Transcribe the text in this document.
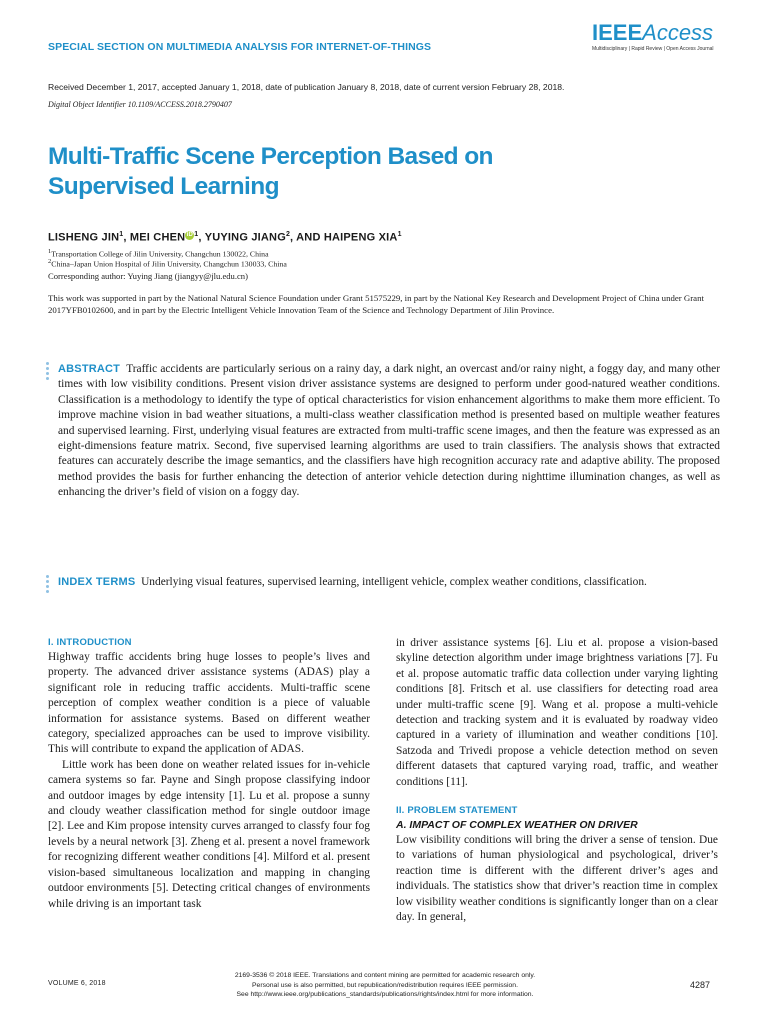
SPECIAL SECTION ON MULTIMEDIA ANALYSIS FOR INTERNET-OF-THINGS
IEEEAccess
Multidisciplinary | Rapid Review | Open Access Journal
Received December 1, 2017, accepted January 1, 2018, date of publication January 8, 2018, date of current version February 28, 2018.
Digital Object Identifier 10.1109/ACCESS.2018.2790407
Multi-Traffic Scene Perception Based on Supervised Learning
LISHENG JIN$^1$, MEI CHENiD$^1$, YUYING JIANG$^2$, AND HAIPENG XIA$^1$
$^1$Transportation College of Jilin University, Changchun 130022, China
$^2$China–Japan Union Hospital of Jilin University, Changchun 130033, China
Corresponding author: Yuying Jiang (jiangyy@jlu.edu.cn)
This work was supported in part by the National Natural Science Foundation under Grant 51575229, in part by the National Key Research and Development Project of China under Grant 2017YFB0102600, and in part by the Electric Intelligent Vehicle Innovation Team of the Science and Technology Department of Jilin Province.
ABSTRACT Traffic accidents are particularly serious on a rainy day, a dark night, an overcast and/or rainy night, a foggy day, and many other times with low visibility conditions. Present vision driver assistance systems are designed to perform under good-natured weather conditions. Classification is a methodology to identify the type of optical characteristics for vision enhancement algorithms to make them more efficient. To improve machine vision in bad weather situations, a multi-class weather classification method is presented based on multiple weather features and supervised learning. First, underlying visual features are extracted from multi-traffic scene images, and then the feature was expressed as an eight-dimensions feature matrix. Second, five supervised learning algorithms are used to train classifiers. The analysis shows that extracted features can accurately describe the image semantics, and the classifiers have high recognition accuracy rate and adaptive ability. The proposed method provides the basis for further enhancing the detection of anterior vehicle detection during nighttime illumination changes, as well as enhancing the driver’s field of vision on a foggy day.
INDEX TERMS Underlying visual features, supervised learning, intelligent vehicle, complex weather conditions, classification.
I. INTRODUCTION

Highway traffic accidents bring huge losses to people’s lives and property. The advanced driver assistance systems (ADAS) play a significant role in reducing traffic accidents. Multi-traffic scene perception of complex weather condition is a piece of valuable information for assistance systems. Based on different weather category, specialized approaches can be used to improve visibility. This will contribute to expand the application of ADAS.

Little work has been done on weather related issues for in-vehicle camera systems so far. Payne and Singh propose classifying indoor and outdoor images by edge intensity [1]. Lu et al. propose a sunny and cloudy weather classification method for single outdoor image [2]. Lee and Kim propose intensity curves arranged to classfy four fog levels by a neural network [3]. Zheng et al. present a novel framework for recognizing different weather conditions [4]. Milford et al. present vision-based simultaneous localization and mapping in changing outdoor environments [5]. Detecting critical changes of environments while driving is an important task

in driver assistance systems [6]. Liu et al. propose a vision-based skyline detection algorithm under image brightness variations [7]. Fu et al. propose automatic traffic data collection under varying lighting conditions [8]. Fritsch et al. use classifiers for detecting road area under multi-traffic scene [9]. Wang et al. propose a multi-vehicle detection and tracking system and it is evaluated by roadway video captured in a variety of illumination and weather conditions [10]. Satzoda and Trivedi propose a vehicle detection method on seven different datasets that captured varying road, traffic, and weather conditions [11].

II. PROBLEM STATEMENT
A. IMPACT OF COMPLEX WEATHER ON DRIVER

Low visibility conditions will bring the driver a sense of tension. Due to variations of human physiological and psychological, driver’s reaction time is different with the different driver’s ages and individuals. The statistics show that driver’s reaction time in complex low visibility weather conditions is significantly longer than on a clear day. In general,

VOLUME 6, 2018
2169-3536 © 2018 IEEE. Translations and content mining are permitted for academic research only.
Personal use is also permitted, but republication/redistribution requires IEEE permission.
See http://www.ieee.org/publications_standards/publications/rights/index.html for more information.
4287
